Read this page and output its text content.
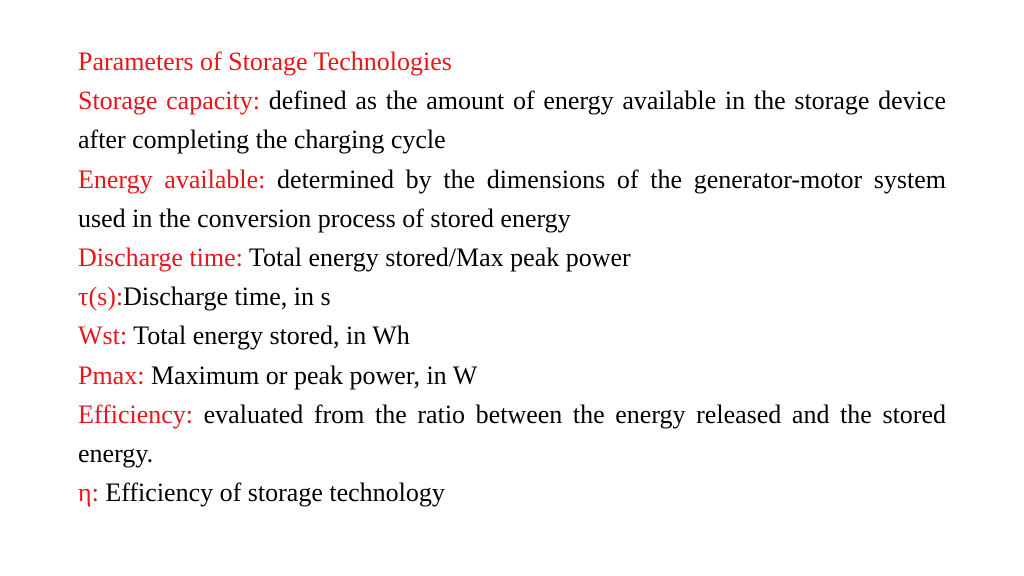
Parameters of Storage Technologies

Storage capacity: defined as the amount of energy available in the storage device after completing the charging cycle

Energy available: determined by the dimensions of the generator-motor system used in the conversion process of stored energy

Discharge time: Total energy stored/Max peak power

τ(s):Discharge time, in s

Wst: Total energy stored, in Wh

Pmax: Maximum or peak power, in W

Efficiency: evaluated from the ratio between the energy released and the stored energy.

η: Efficiency of storage technology
